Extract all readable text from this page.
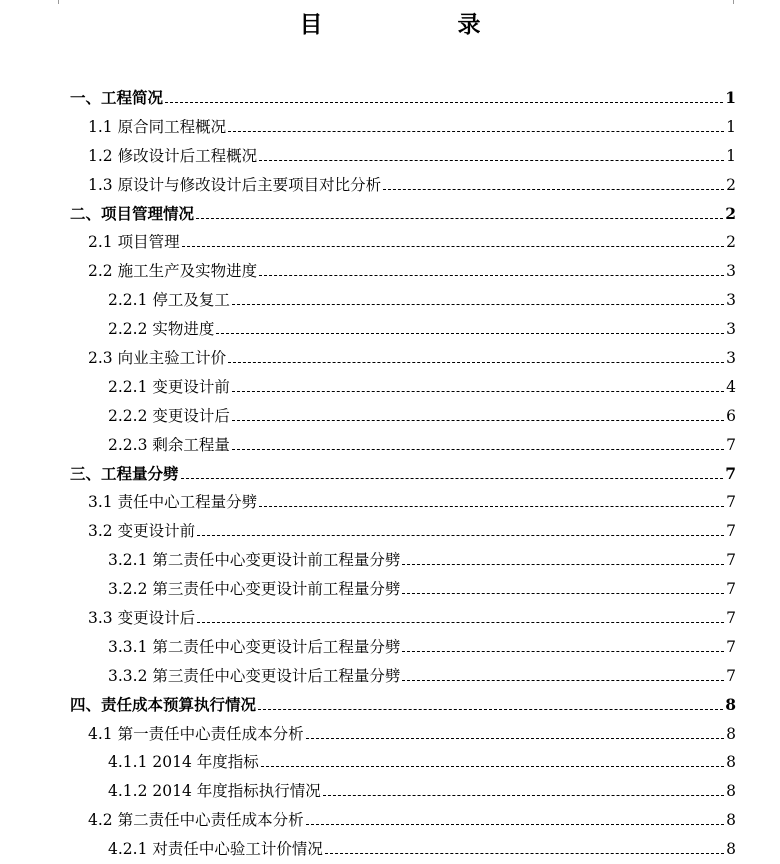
目　录
一、工程简况	1
1.1 原合同工程概况	1
1.2 修改设计后工程概况	1
1.3 原设计与修改设计后主要项目对比分析	2
二、项目管理情况	2
2.1 项目管理	2
2.2 施工生产及实物进度	3
2.2.1 停工及复工	3
2.2.2 实物进度	3
2.3 向业主验工计价	3
2.2.1 变更设计前	4
2.2.2 变更设计后	6
2.2.3 剩余工程量	7
三、工程量分劈	7
3.1 责任中心工程量分劈	7
3.2 变更设计前	7
3.2.1 第二责任中心变更设计前工程量分劈	7
3.2.2 第三责任中心变更设计前工程量分劈	7
3.3 变更设计后	7
3.3.1 第二责任中心变更设计后工程量分劈	7
3.3.2 第三责任中心变更设计后工程量分劈	7
四、责任成本预算执行情况	8
4.1 第一责任中心责任成本分析	8
4.1.1 2014 年度指标	8
4.1.2 2014 年度指标执行情况	8
4.2 第二责任中心责任成本分析	8
4.2.1 对责任中心验工计价情况	8
